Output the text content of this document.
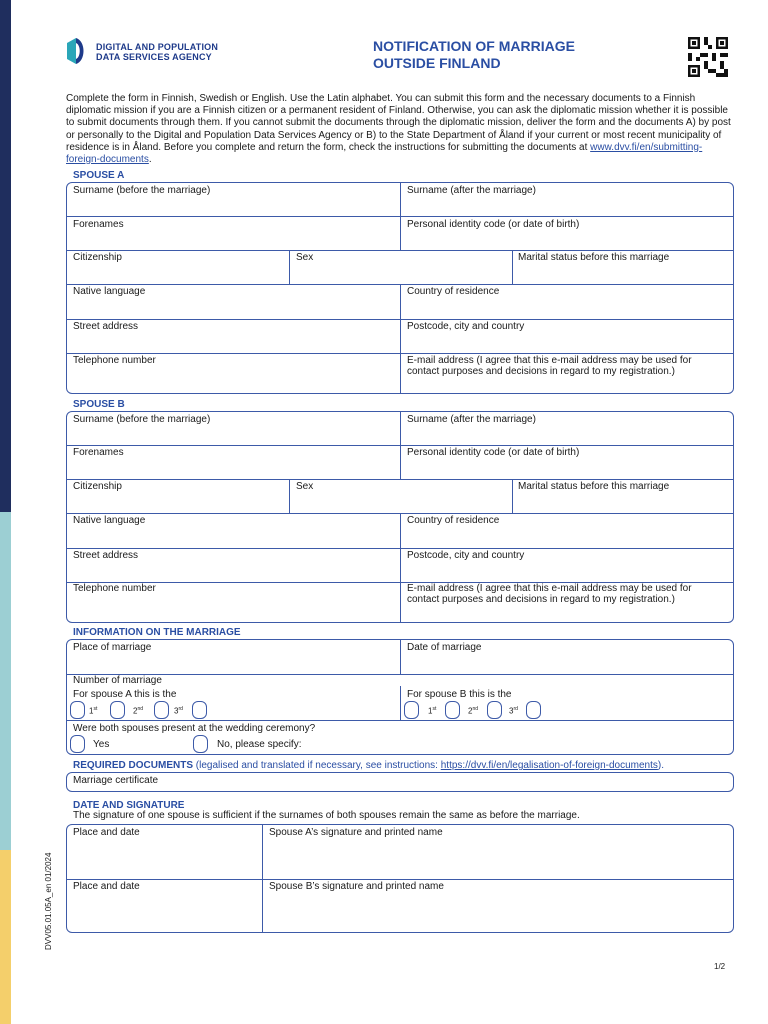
DIGITAL AND POPULATION
DATA SERVICES AGENCY
NOTIFICATION OF MARRIAGE
OUTSIDE FINLAND
Complete the form in Finnish, Swedish or English. Use the Latin alphabet. You can submit this form and the necessary documents to a Finnish diplomatic mission if you are a Finnish citizen or a permanent resident of Finland. Otherwise, you can ask the diplomatic mission whether it is possible to submit documents through them. If you cannot submit the documents through the diplomatic mission, deliver the form and the documents A) by post or personally to the Digital and Population Data Services Agency or B) to the State Department of Åland if your current or most recent municipality of residence is in Åland. Before you complete and return the form, check the instructions for submitting the documents at www.dvv.fi/en/submitting-foreign-documents.
SPOUSE A
Surname (before the marriage)	Surname (after the marriage)
Forenames	Personal identity code (or date of birth)
Citizenship	Sex	Marital status before this marriage
Native language	Country of residence
Street address	Postcode, city and country
Telephone number	E-mail address (I agree that this e-mail address may be used for contact purposes and decisions in regard to my registration.)
SPOUSE B
Surname (before the marriage)	Surname (after the marriage)
Forenames	Personal identity code (or date of birth)
Citizenship	Sex	Marital status before this marriage
Native language	Country of residence
Street address	Postcode, city and country
Telephone number	E-mail address (I agree that this e-mail address may be used for contact purposes and decisions in regard to my registration.)
INFORMATION ON THE MARRIAGE
Place of marriage	Date of marriage
Number of marriage
For spouse A this is the	For spouse B this is the
1st	2nd	3rd	1st	2nd	3rd
Were both spouses present at the wedding ceremony?
Yes	No, please specify:
REQUIRED DOCUMENTS (legalised and translated if necessary, see instructions: https://dvv.fi/en/legalisation-of-foreign-documents).
Marriage certificate
DATE AND SIGNATURE
The signature of one spouse is sufficient if the surnames of both spouses remain the same as before the marriage.
Place and date	Spouse A’s signature and printed name
Place and date	Spouse B’s signature and printed name
DVV05.01.05A_en 01/2024
1/2
